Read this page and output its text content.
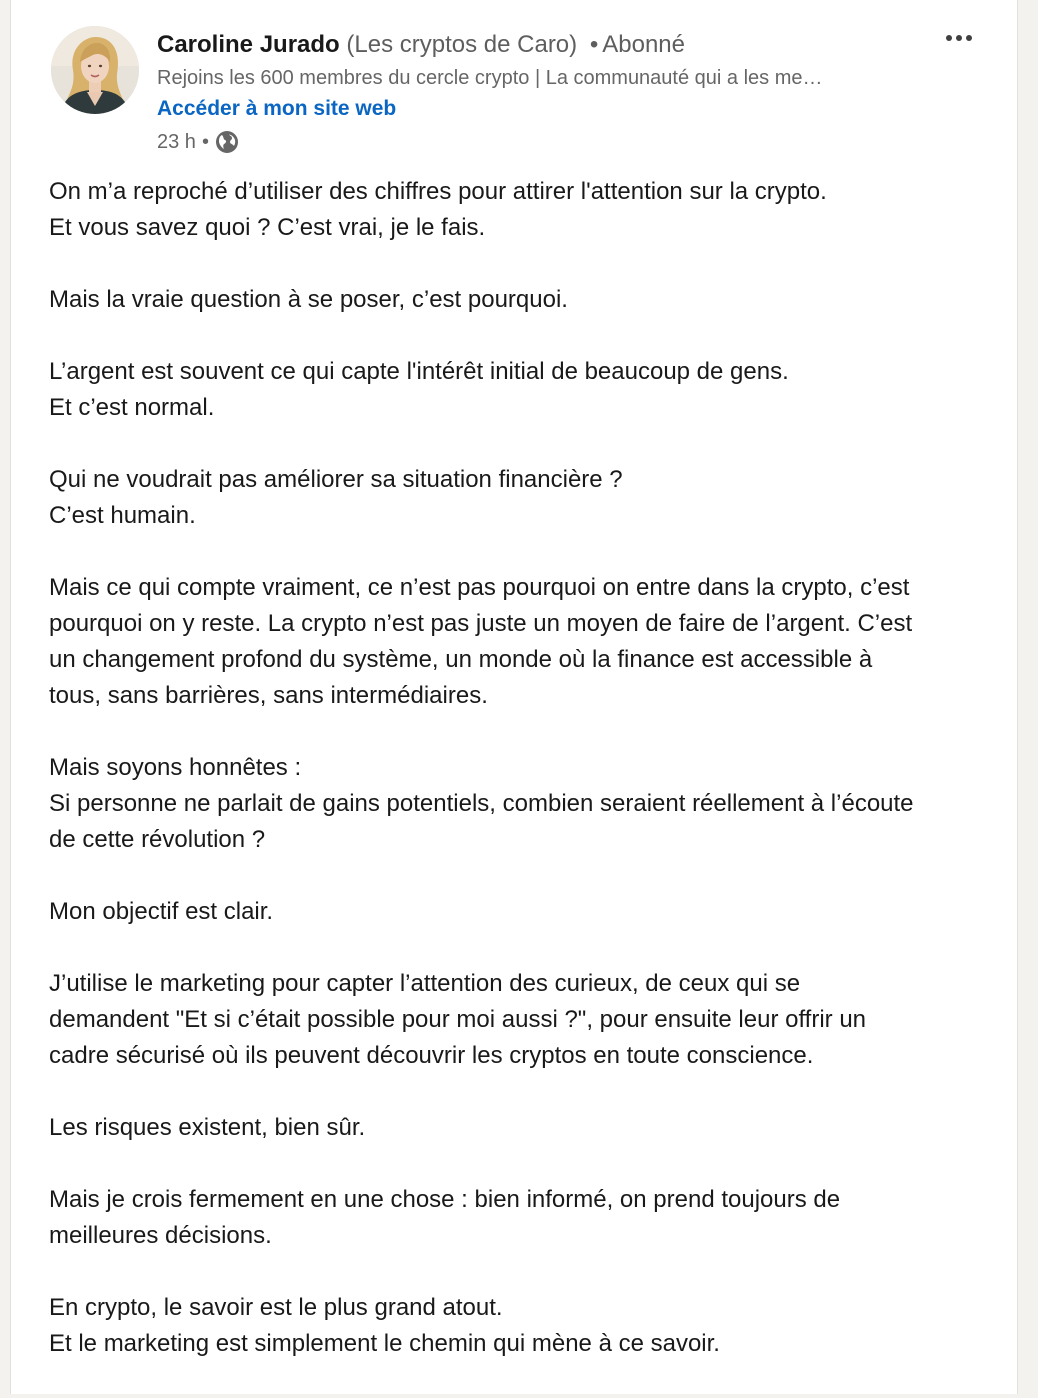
Caroline Jurado (Les cryptos de Caro) • Abonné
Rejoins les 600 membres du cercle crypto | La communauté qui a les me…
Accéder à mon site web
23 h •

On m’a reproché d’utiliser des chiffres pour attirer l'attention sur la crypto.
Et vous savez quoi ? C’est vrai, je le fais.

Mais la vraie question à se poser, c’est pourquoi.

L’argent est souvent ce qui capte l'intérêt initial de beaucoup de gens.
Et c’est normal.

Qui ne voudrait pas améliorer sa situation financière ?
C’est humain.

Mais ce qui compte vraiment, ce n’est pas pourquoi on entre dans la crypto, c’est
pourquoi on y reste. La crypto n’est pas juste un moyen de faire de l’argent. C’est
un changement profond du système, un monde où la finance est accessible à
tous, sans barrières, sans intermédiaires.

Mais soyons honnêtes :
Si personne ne parlait de gains potentiels, combien seraient réellement à l’écoute
de cette révolution ?

Mon objectif est clair.

J’utilise le marketing pour capter l’attention des curieux, de ceux qui se
demandent "Et si c’était possible pour moi aussi ?", pour ensuite leur offrir un
cadre sécurisé où ils peuvent découvrir les cryptos en toute conscience.

Les risques existent, bien sûr.

Mais je crois fermement en une chose : bien informé, on prend toujours de
meilleures décisions.

En crypto, le savoir est le plus grand atout.
Et le marketing est simplement le chemin qui mène à ce savoir.
